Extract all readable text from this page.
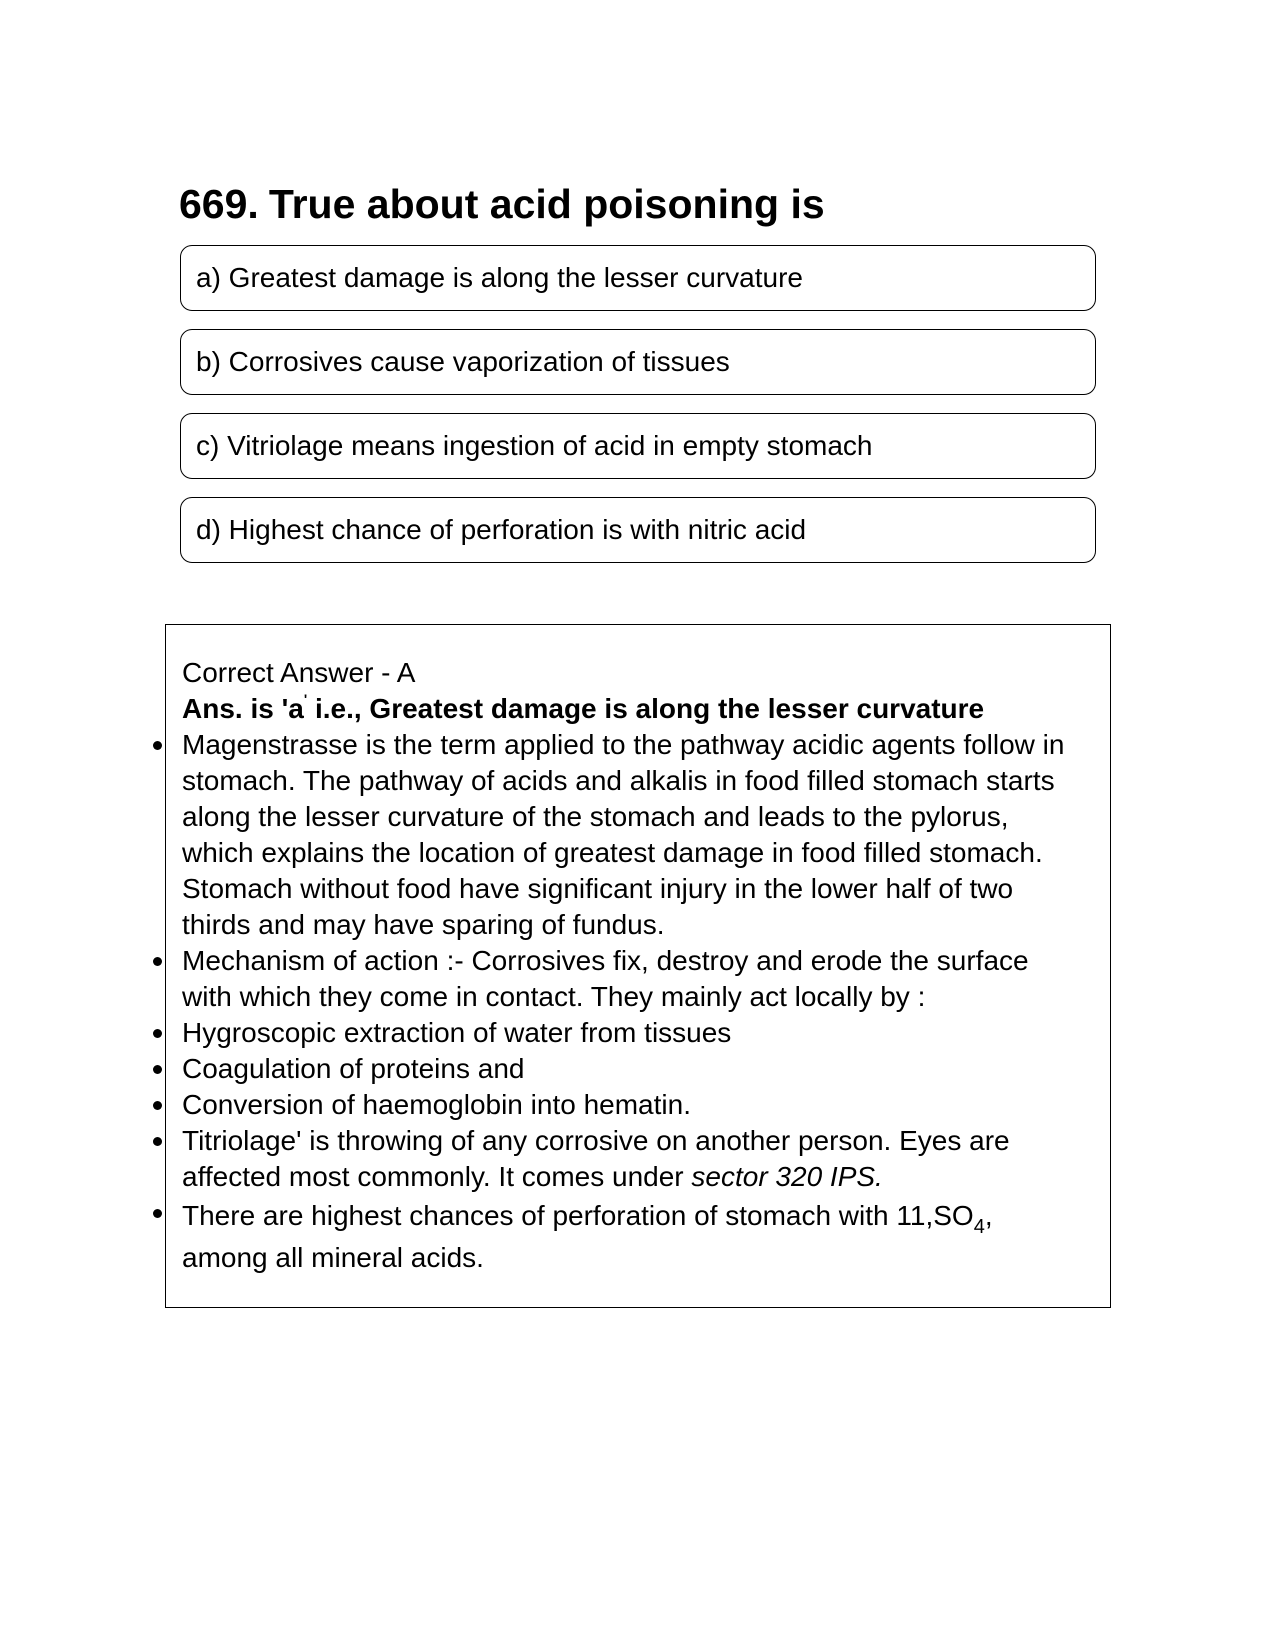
669. True about acid poisoning is
a) Greatest damage is along the lesser curvature
b) Corrosives cause vaporization of tissues
c) Vitriolage means ingestion of acid in empty stomach
d) Highest chance of perforation is with nitric acid

Correct Answer - A

Ans. is 'a' i.e., Greatest damage is along the lesser curvature

Magenstrasse is the term applied to the pathway acidic agents follow in stomach. The pathway of acids and alkalis in food filled stomach starts along the lesser curvature of the stomach and leads to the pylorus, which explains the location of greatest damage in food filled stomach. Stomach without food have significant injury in the lower half of two thirds and may have sparing of fundus.
Mechanism of action :- Corrosives fix, destroy and erode the surface with which they come in contact. They mainly act locally by :
Hygroscopic extraction of water from tissues
Coagulation of proteins and
Conversion of haemoglobin into hematin.
Titriolage' is throwing of any corrosive on another person. Eyes are affected most commonly. It comes under sector 320 IPS.
There are highest chances of perforation of stomach with $11,SO_4$,
among all mineral acids.
